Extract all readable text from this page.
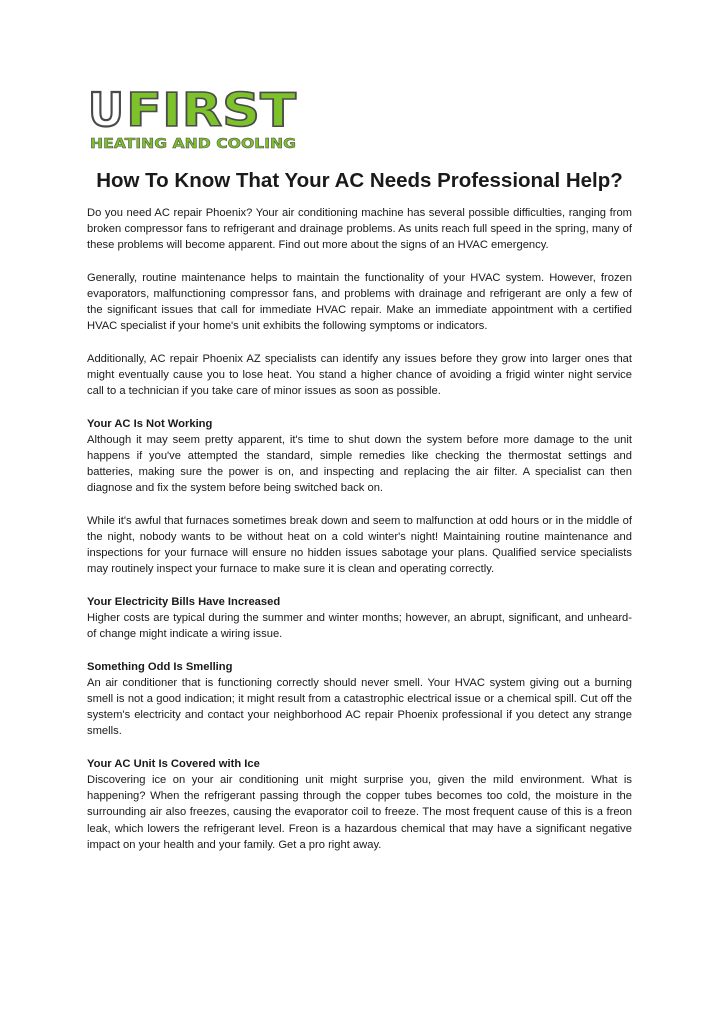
U FIRST
HEATING AND COOLING
How To Know That Your AC Needs Professional Help?

Do you need AC repair Phoenix? Your air conditioning machine has several possible difficulties, ranging from broken compressor fans to refrigerant and drainage problems. As units reach full speed in the spring, many of these problems will become apparent. Find out more about the signs of an HVAC emergency.

Generally, routine maintenance helps to maintain the functionality of your HVAC system. However, frozen evaporators, malfunctioning compressor fans, and problems with drainage and refrigerant are only a few of the significant issues that call for immediate HVAC repair. Make an immediate appointment with a certified HVAC specialist if your home's unit exhibits the following symptoms or indicators.

Additionally, AC repair Phoenix AZ specialists can identify any issues before they grow into larger ones that might eventually cause you to lose heat. You stand a higher chance of avoiding a frigid winter night service call to a technician if you take care of minor issues as soon as possible.

Your AC Is Not Working

Although it may seem pretty apparent, it's time to shut down the system before more damage to the unit happens if you've attempted the standard, simple remedies like checking the thermostat settings and batteries, making sure the power is on, and inspecting and replacing the air filter. A specialist can then diagnose and fix the system before being switched back on.

While it's awful that furnaces sometimes break down and seem to malfunction at odd hours or in the middle of the night, nobody wants to be without heat on a cold winter's night! Maintaining routine maintenance and inspections for your furnace will ensure no hidden issues sabotage your plans. Qualified service specialists may routinely inspect your furnace to make sure it is clean and operating correctly.

Your Electricity Bills Have Increased

Higher costs are typical during the summer and winter months; however, an abrupt, significant, and unheard-of change might indicate a wiring issue.

Something Odd Is Smelling

An air conditioner that is functioning correctly should never smell. Your HVAC system giving out a burning smell is not a good indication; it might result from a catastrophic electrical issue or a chemical spill. Cut off the system's electricity and contact your neighborhood AC repair Phoenix professional if you detect any strange smells.

Your AC Unit Is Covered with Ice

Discovering ice on your air conditioning unit might surprise you, given the mild environment. What is happening? When the refrigerant passing through the copper tubes becomes too cold, the moisture in the surrounding air also freezes, causing the evaporator coil to freeze. The most frequent cause of this is a freon leak, which lowers the refrigerant level. Freon is a hazardous chemical that may have a significant negative impact on your health and your family. Get a pro right away.
